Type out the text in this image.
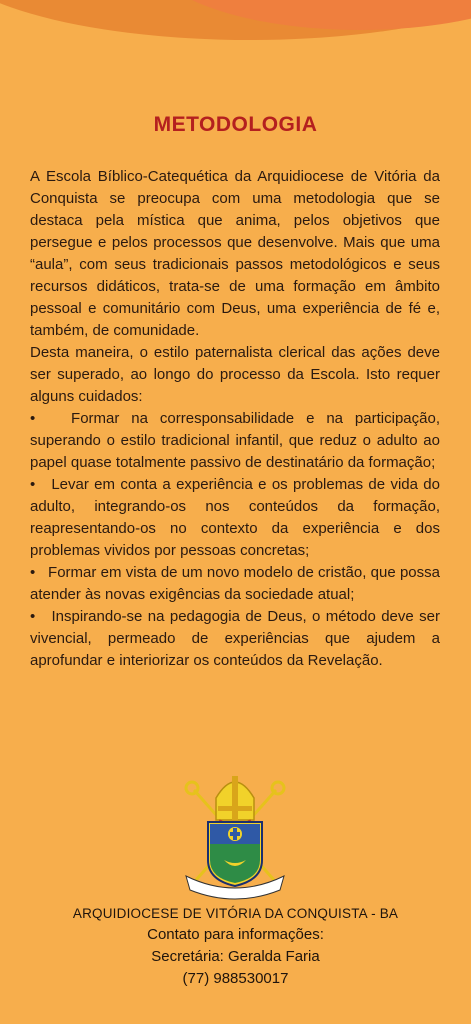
METODOLOGIA

A Escola Bíblico-Catequética da Arquidiocese de Vitória da Conquista se preocupa com uma metodologia que se destaca pela mística que anima, pelos objetivos que persegue e pelos processos que desenvolve. Mais que uma “aula”, com seus tradicionais passos metodológicos e seus recursos didáticos, trata-se de uma formação em âmbito pessoal e comunitário com Deus, uma experiência de fé e, também, de comunidade.

Desta maneira, o estilo paternalista clerical das ações deve ser superado, ao longo do processo da Escola. Isto requer alguns cuidados:

• Formar na corresponsabilidade e na participação, superando o estilo tradicional infantil, que reduz o adulto ao papel quase totalmente passivo de destinatário da formação;

• Levar em conta a experiência e os problemas de vida do adulto, integrando-os nos conteúdos da formação, reapresentando-os no contexto da experiência e dos problemas vividos por pessoas concretas;

• Formar em vista de um novo modelo de cristão, que possa atender às novas exigências da sociedade atual;

• Inspirando-se na pedagogia de Deus, o método deve ser vivencial, permeado de experiências que ajudem a aprofundar e interiorizar os conteúdos da Revelação.

ARQUIDIOCESE DE VITÓRIA DA CONQUISTA - BA
Contato para informações:
Secretária: Geralda Faria
(77) 988530017
